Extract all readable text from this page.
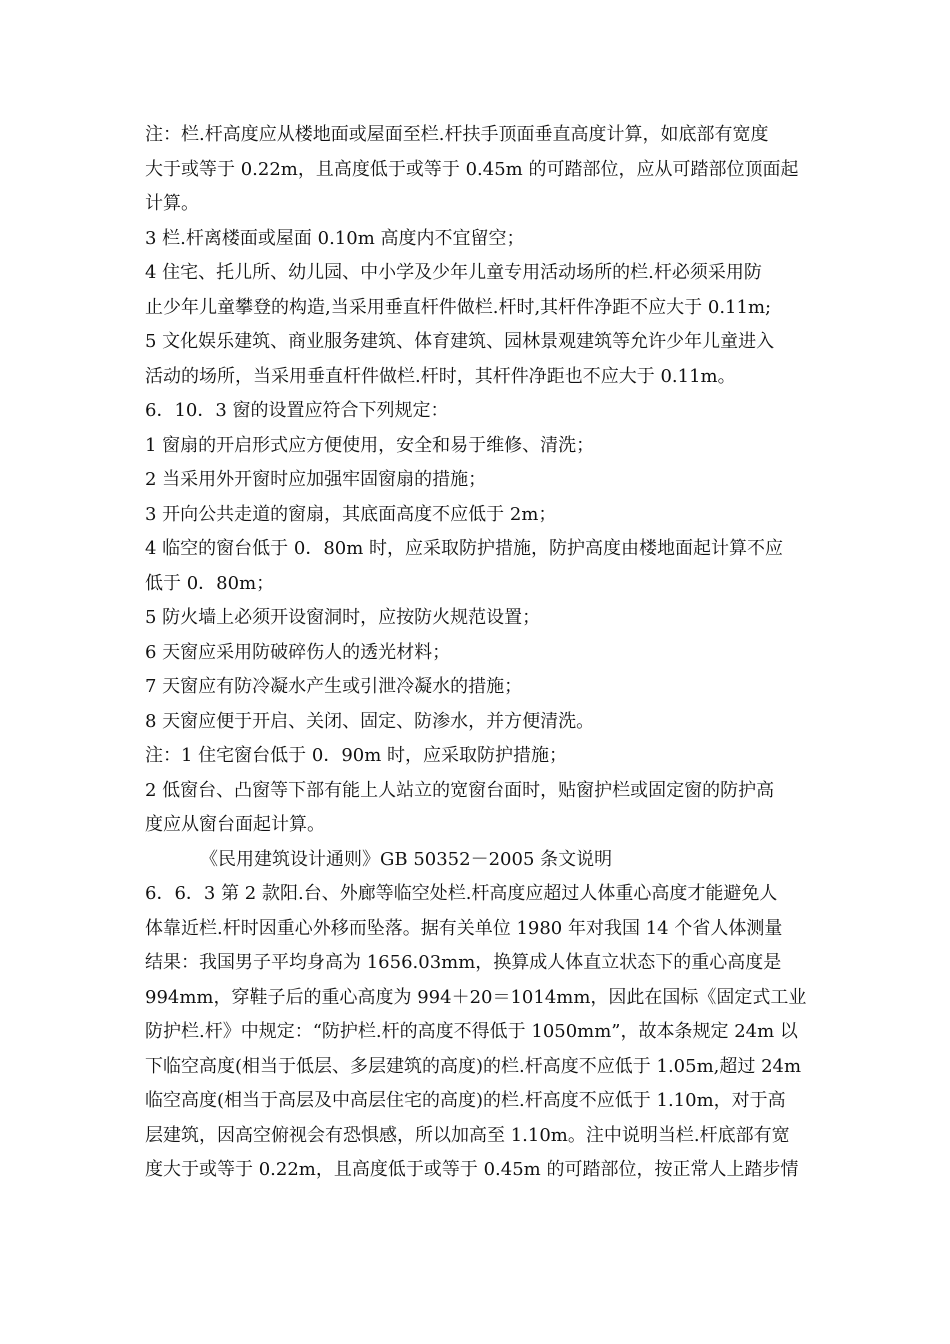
注：栏.杆高度应从楼地面或屋面至栏.杆扶手顶面垂直高度计算，如底部有宽度
大于或等于 0.22m，且高度低于或等于 0.45m 的可踏部位，应从可踏部位顶面起
计算。
3 栏.杆离楼面或屋面 0.10m 高度内不宜留空；
4 住宅、托儿所、幼儿园、中小学及少年儿童专用活动场所的栏.杆必须采用防
止少年儿童攀登的构造,当采用垂直杆件做栏.杆时,其杆件净距不应大于 0.11m;
5 文化娱乐建筑、商业服务建筑、体育建筑、园林景观建筑等允许少年儿童进入
活动的场所，当采用垂直杆件做栏.杆时，其杆件净距也不应大于 0.11m。
6．10．3 窗的设置应符合下列规定：
1 窗扇的开启形式应方便使用，安全和易于维修、清洗；
2 当采用外开窗时应加强牢固窗扇的措施；
3 开向公共走道的窗扇，其底面高度不应低于 2m；
4 临空的窗台低于 0．80m 时，应采取防护措施，防护高度由楼地面起计算不应
低于 0．80m；
5 防火墙上必须开设窗洞时，应按防火规范设置；
6 天窗应采用防破碎伤人的透光材料；
7 天窗应有防冷凝水产生或引泄冷凝水的措施；
8 天窗应便于开启、关闭、固定、防渗水，并方便清洗。
注：1 住宅窗台低于 0．90m 时，应采取防护措施；
2 低窗台、凸窗等下部有能上人站立的宽窗台面时，贴窗护栏或固定窗的防护高
度应从窗台面起计算。
《民用建筑设计通则》GB 50352－2005 条文说明
6．6．3 第 2 款阳.台、外廊等临空处栏.杆高度应超过人体重心高度才能避免人
体靠近栏.杆时因重心外移而坠落。据有关单位 1980 年对我国 14 个省人体测量
结果：我国男子平均身高为 1656.03mm，换算成人体直立状态下的重心高度是
994mm，穿鞋子后的重心高度为 994＋20＝1014mm，因此在国标《固定式工业
防护栏.杆》中规定：“防护栏.杆的高度不得低于 1050mm”，故本条规定 24m 以
下临空高度(相当于低层、多层建筑的高度)的栏.杆高度不应低于 1.05m,超过 24m
临空高度(相当于高层及中高层住宅的高度)的栏.杆高度不应低于 1.10m，对于高
层建筑，因高空俯视会有恐惧感，所以加高至 1.10m。注中说明当栏.杆底部有宽
度大于或等于 0.22m，且高度低于或等于 0.45m 的可踏部位，按正常人上踏步情
